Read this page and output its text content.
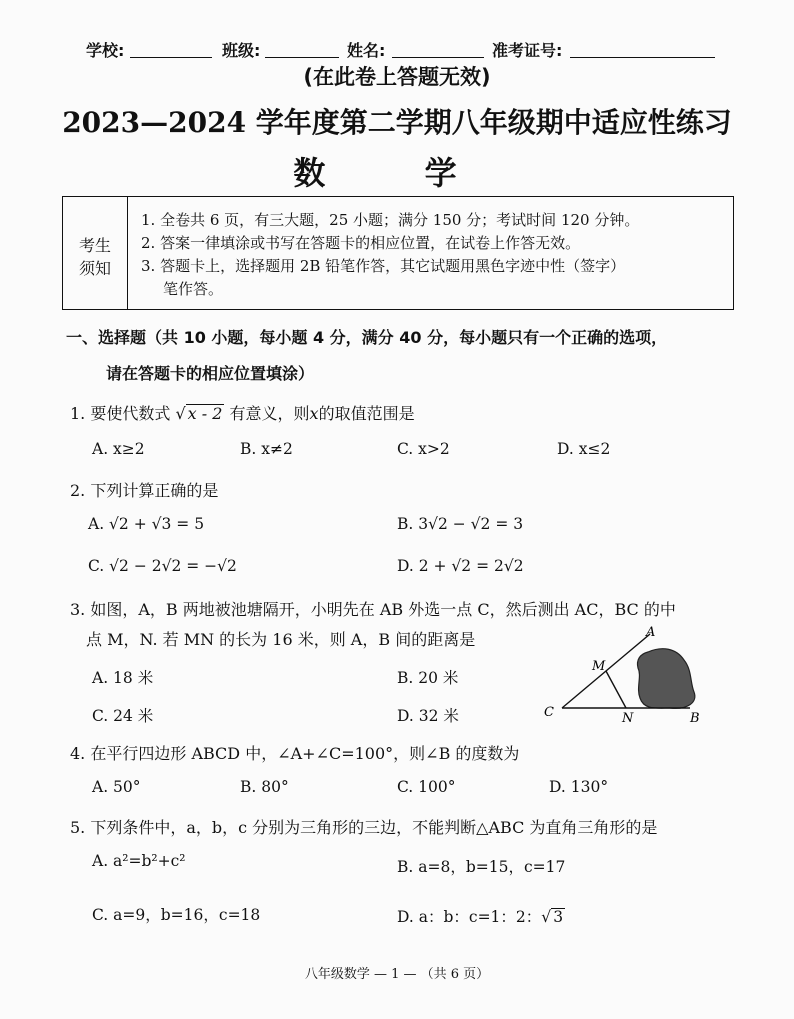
学校:	班级:	姓名:	准考证号:
(在此卷上答题无效)
2023—2024 学年度第二学期八年级期中适应性练习
数 学
考生
须知
1. 全卷共 6 页，有三大题，25 小题；满分 150 分；考试时间 120 分钟。
2. 答案一律填涂或书写在答题卡的相应位置，在试卷上作答无效。
3. 答题卡上，选择题用 2B 铅笔作答，其它试题用黑色字迹中性（签字）
笔作答。
一、选择题（共 10 小题，每小题 4 分，满分 40 分，每小题只有一个正确的选项，
请在答题卡的相应位置填涂）
1. 要使代数式 √ x - 2 有意义，则x的取值范围是
A. x≥2	B. x≠2	C. x>2	D. x≤2
2. 下列计算正确的是
A. √2 + √3 = 5	B. 3√2 − √2 = 3
C. √2 − 2√2 = −√2	D. 2 + √2 = 2√2
3. 如图，A，B 两地被池塘隔开，小明先在 AB 外选一点 C，然后测出 AC，BC 的中
点 M，N. 若 MN 的长为 16 米，则 A，B 间的距离是
A. 18 米	B. 20 米
C. 24 米	D. 32 米
A
M
C	N	B
4. 在平行四边形 ABCD 中，∠A+∠C=100°，则∠B 的度数为
A. 50°	B. 80°	C. 100°	D. 130°
5. 下列条件中，a，b，c 分别为三角形的三边，不能判断△ABC 为直角三角形的是
A. a²=b²+c²	B. a=8，b=15，c=17
C. a=9，b=16，c=18	D. a：b：c=1：2：√ 3
八年级数学 — 1 — （共 6 页）
